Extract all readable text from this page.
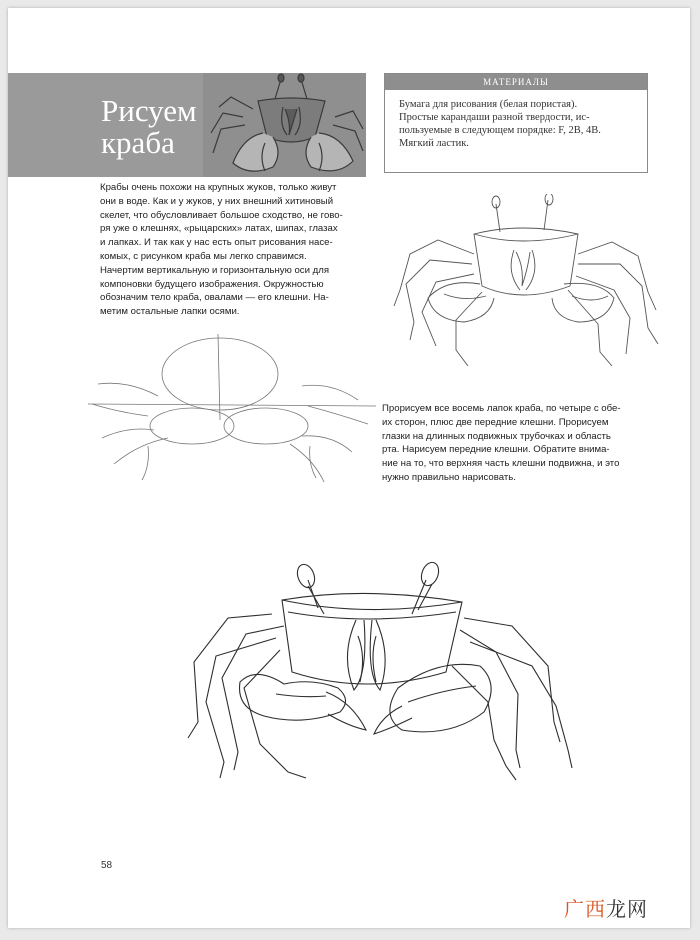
Рисуем
краба
МАТЕРИАЛЫ
Бумага для рисования (белая пористая).
Простые карандаши разной твердости, ис-
пользуемые в следующем порядке: F, 2B, 4B.
Мягкий ластик.
Крабы очень похожи на крупных жуков, только живут
они в воде. Как и у жуков, у них внешний хитиновый
скелет, что обусловливает большое сходство, не гово-
ря уже о клешнях, «рыцарских» латах, шипах, глазах
и лапках. И так как у нас есть опыт рисования насе-
комых, с рисунком краба мы легко справимся.
Начертим вертикальную и горизонтальную оси для
компоновки будущего изображения. Окружностью
обозначим тело краба, овалами — его клешни. На-
метим остальные лапки осями.
Прорисуем все восемь лапок краба, по четыре с обе-
их сторон, плюс две передние клешни. Прорисуем
глазки на длинных подвижных трубочках и область
рта. Нарисуем передние клешни. Обратите внима-
ние на то, что верхняя часть клешни подвижна, и это
нужно правильно нарисовать.
58
广西龙网
